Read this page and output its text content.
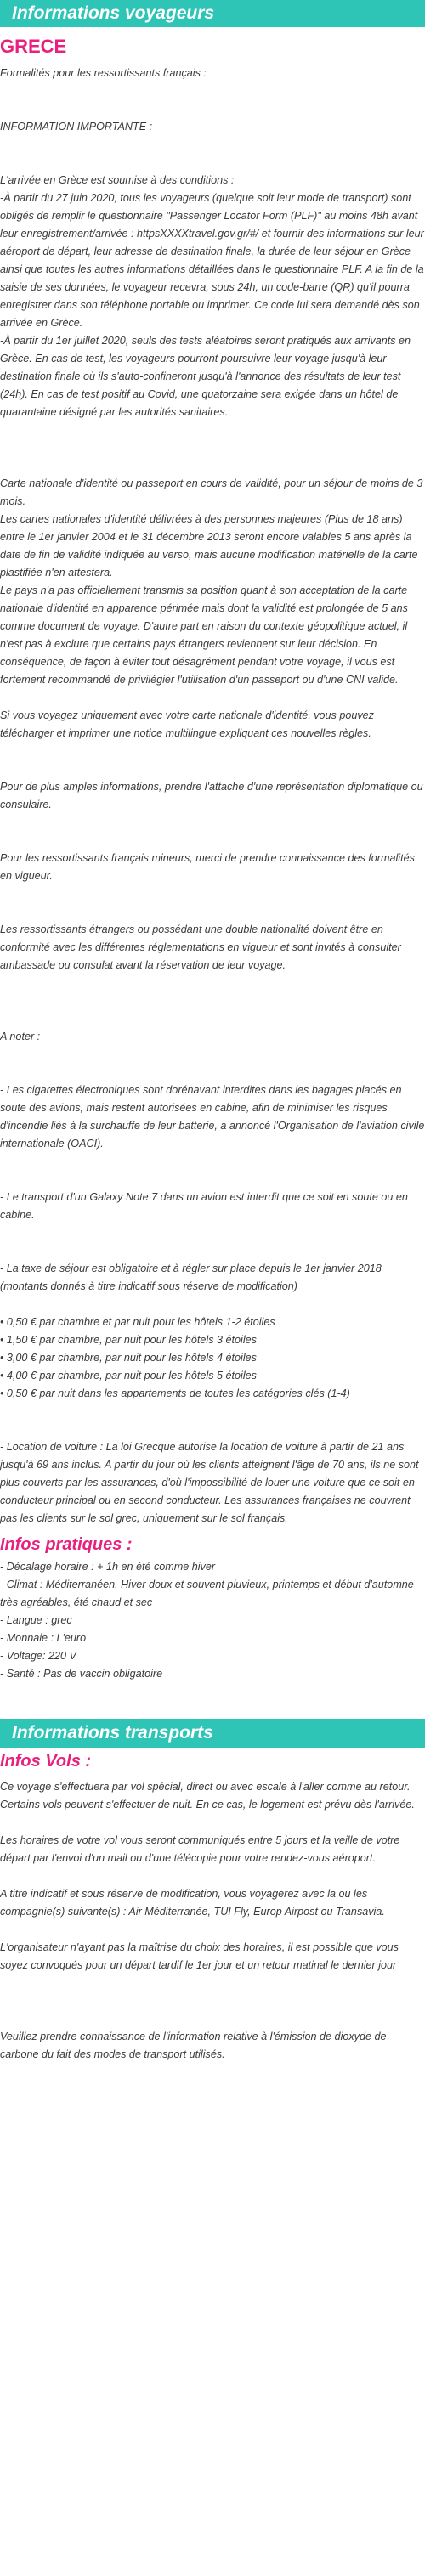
Informations voyageurs
GRECE

Formalités pour les ressortissants français :

INFORMATION IMPORTANTE :

L'arrivée en Grèce est soumise à des conditions :
-À partir du 27 juin 2020, tous les voyageurs (quelque soit leur mode de transport) sont obligés de remplir le questionnaire "Passenger Locator Form (PLF)" au moins 48h avant leur enregistrement/arrivée : httpsXXXXtravel.gov.gr/#/ et fournir des informations sur leur aéroport de départ, leur adresse de destination finale, la durée de leur séjour en Grèce ainsi que toutes les autres informations détaillées dans le questionnaire PLF. A la fin de la saisie de ses données, le voyageur recevra, sous 24h, un code-barre (QR) qu'il pourra enregistrer dans son téléphone portable ou imprimer. Ce code lui sera demandé dès son arrivée en Grèce.
-À partir du 1er juillet 2020, seuls des tests aléatoires seront pratiqués aux arrivants en Grèce. En cas de test, les voyageurs pourront poursuivre leur voyage jusqu'à leur destination finale où ils s'auto-confineront jusqu'à l'annonce des résultats de leur test (24h). En cas de test positif au Covid, une quatorzaine sera exigée dans un hôtel de quarantaine désigné par les autorités sanitaires.

Carte nationale d'identité ou passeport en cours de validité, pour un séjour de moins de 3 mois.
Les cartes nationales d'identité délivrées à des personnes majeures (Plus de 18 ans) entre le 1er janvier 2004 et le 31 décembre 2013 seront encore valables 5 ans après la date de fin de validité indiquée au verso, mais aucune modification matérielle de la carte plastifiée n'en attestera.
Le pays n'a pas officiellement transmis sa position quant à son acceptation de la carte nationale d'identité en apparence périmée mais dont la validité est prolongée de 5 ans comme document de voyage. D'autre part en raison du contexte géopolitique actuel, il n'est pas à exclure que certains pays étrangers reviennent sur leur décision. En conséquence, de façon à éviter tout désagrément pendant votre voyage, il vous est fortement recommandé de privilégier l'utilisation d'un passeport ou d'une CNI valide.

Si vous voyagez uniquement avec votre carte nationale d'identité, vous pouvez télécharger et imprimer une notice multilingue expliquant ces nouvelles règles.

Pour de plus amples informations, prendre l'attache d'une représentation diplomatique ou consulaire.

Pour les ressortissants français mineurs, merci de prendre connaissance des formalités en vigueur.

Les ressortissants étrangers ou possédant une double nationalité doivent être en conformité avec les différentes réglementations en vigueur et sont invités à consulter ambassade ou consulat avant la réservation de leur voyage.

A noter :

- Les cigarettes électroniques sont dorénavant interdites dans les bagages placés en soute des avions, mais restent autorisées en cabine, afin de minimiser les risques d'incendie liés à la surchauffe de leur batterie, a annoncé l'Organisation de l'aviation civile internationale (OACI).

- Le transport d'un Galaxy Note 7 dans un avion est interdit que ce soit en soute ou en cabine.

- La taxe de séjour est obligatoire et à régler sur place depuis le 1er janvier 2018 (montants donnés à titre indicatif sous réserve de modification)

• 0,50 € par chambre et par nuit pour les hôtels 1-2 étoiles
• 1,50 € par chambre, par nuit pour les hôtels 3 étoiles
• 3,00 € par chambre, par nuit pour les hôtels 4 étoiles
• 4,00 € par chambre, par nuit pour les hôtels 5 étoiles
• 0,50 € par nuit dans les appartements de toutes les catégories clés (1-4)

- Location de voiture : La loi Grecque autorise la location de voiture à partir de 21 ans jusqu'à 69 ans inclus. A partir du jour où les clients atteignent l'âge de 70 ans, ils ne sont plus couverts par les assurances, d'où l'impossibilité de louer une voiture que ce soit en conducteur principal ou en second conducteur. Les assurances françaises ne couvrent pas les clients sur le sol grec, uniquement sur le sol français.

Infos pratiques :
- Décalage horaire : + 1h en été comme hiver
- Climat : Méditerranéen. Hiver doux et souvent pluvieux, printemps et début d'automne très agréables, été chaud et sec
- Langue : grec
- Monnaie : L'euro
- Voltage: 220 V
- Santé : Pas de vaccin obligatoire
Informations transports
Infos Vols :

Ce voyage s'effectuera par vol spécial, direct ou avec escale à l'aller comme au retour.
Certains vols peuvent s'effectuer de nuit. En ce cas, le logement est prévu dès l'arrivée.

Les horaires de votre vol vous seront communiqués entre 5 jours et la veille de votre départ par l'envoi d'un mail ou d'une télécopie pour votre rendez-vous aéroport.

A titre indicatif et sous réserve de modification, vous voyagerez avec la ou les compagnie(s) suivante(s) : Air Méditerranée, TUI Fly, Europ Airpost ou Transavia.

L'organisateur n'ayant pas la maîtrise du choix des horaires, il est possible que vous soyez convoqués pour un départ tardif le 1er jour et un retour matinal le dernier jour

Veuillez prendre connaissance de l'information relative à l'émission de dioxyde de carbone du fait des modes de transport utilisés.
